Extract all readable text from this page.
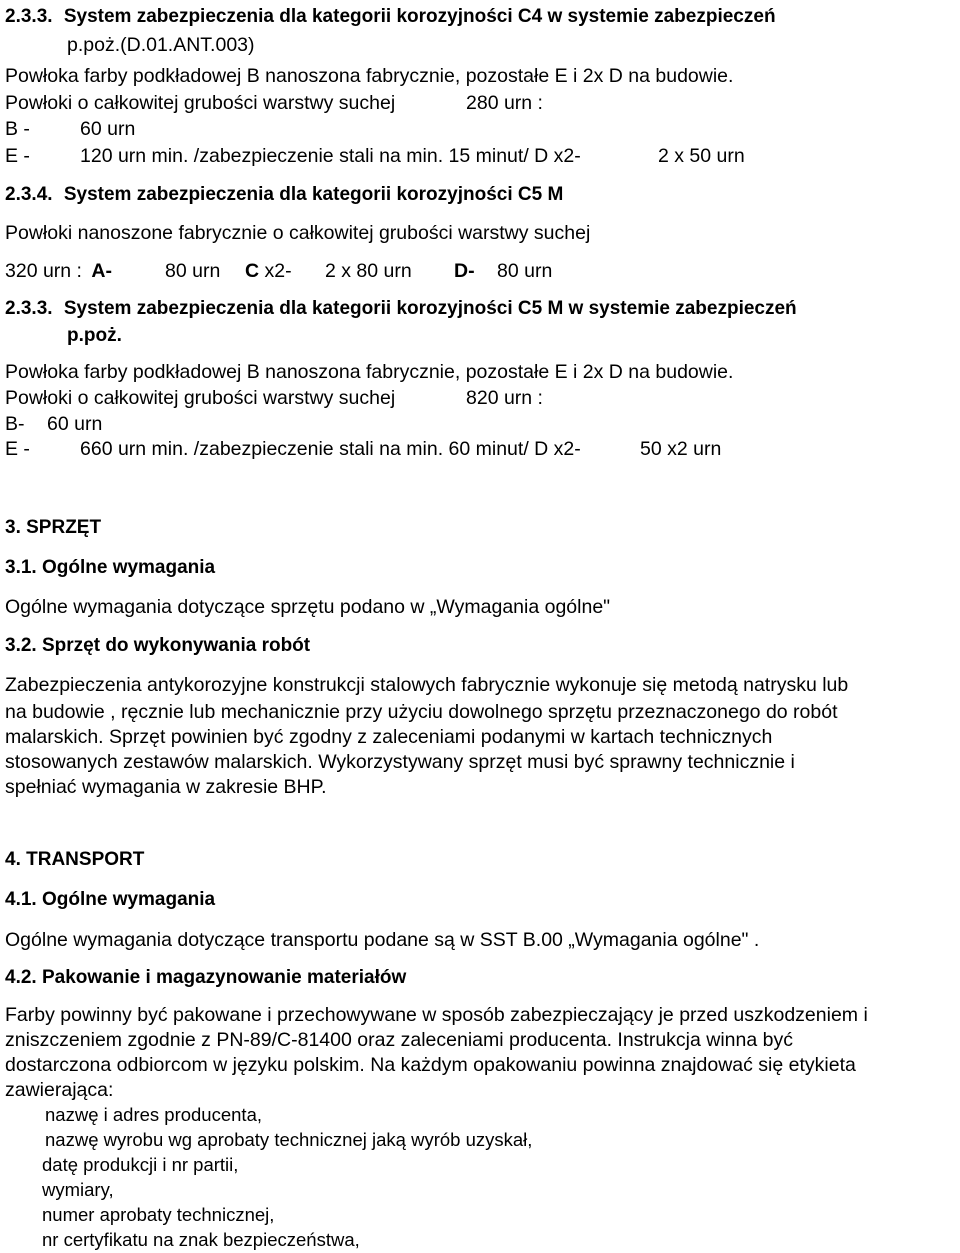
2.3.3. System zabezpieczenia dla kategorii korozyjności C4 w systemie zabezpieczeń
p.poż.(D.01.ANT.003)
Powłoka farby podkładowej B nanoszona fabrycznie, pozostałe E i 2x D na budowie.
Powłoki o całkowitej grubości warstwy suchej	280 urn :
B -	60 urn
E -	120 urn min. /zabezpieczenie stali na min. 15 minut/ D x2-	2 x 50 urn
2.3.4. System zabezpieczenia dla kategorii korozyjności C5 M
Powłoki nanoszone fabrycznie o całkowitej grubości warstwy suchej
320 urn : A-	80 urn C x2- 2 x 80 urn D- 80 urn
2.3.3. System zabezpieczenia dla kategorii korozyjności C5 M w systemie zabezpieczeń
p.poż.
Powłoka farby podkładowej B nanoszona fabrycznie, pozostałe E i 2x D na budowie.
Powłoki o całkowitej grubości warstwy suchej	820 urn :
B- 60 urn
E -	660 urn min. /zabezpieczenie stali na min. 60 minut/ D x2-	50 x2 urn
3. SPRZĘT
3.1. Ogólne wymagania
Ogólne wymagania dotyczące sprzętu podano w „Wymagania ogólne"
3.2. Sprzęt do wykonywania robót
Zabezpieczenia antykorozyjne konstrukcji stalowych fabrycznie wykonuje się metodą natrysku lub
na budowie , ręcznie lub mechanicznie przy użyciu dowolnego sprzętu przeznaczonego do robót
malarskich. Sprzęt powinien być zgodny z zaleceniami podanymi w kartach technicznych
stosowanych zestawów malarskich. Wykorzystywany sprzęt musi być sprawny technicznie i
spełniać wymagania w zakresie BHP.
4. TRANSPORT
4.1. Ogólne wymagania
Ogólne wymagania dotyczące transportu podane są w SST B.00 „Wymagania ogólne" .
4.2. Pakowanie i magazynowanie materiałów
Farby powinny być pakowane i przechowywane w sposób zabezpieczający je przed uszkodzeniem i
zniszczeniem zgodnie z PN-89/C-81400 oraz zaleceniami producenta. Instrukcja winna być
dostarczona odbiorcom w języku polskim. Na każdym opakowaniu powinna znajdować się etykieta
zawierająca:
nazwę i adres producenta,
nazwę wyrobu wg aprobaty technicznej jaką wyrób uzyskał,
datę produkcji i nr partii,
wymiary,
numer aprobaty technicznej,
nr certyfikatu na znak bezpieczeństwa,
